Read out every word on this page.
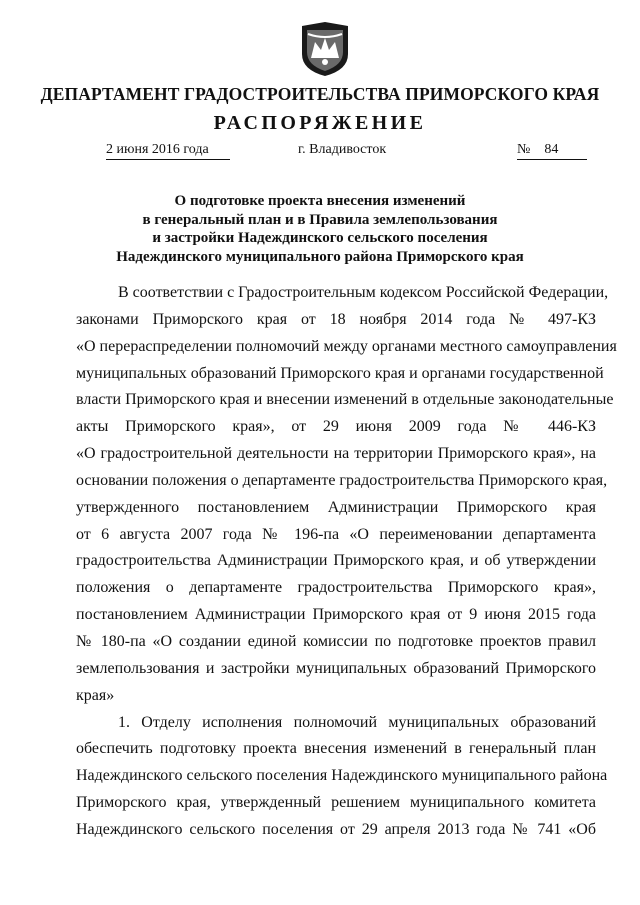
ДЕПАРТАМЕНТ ГРАДОСТРОИТЕЛЬСТВА ПРИМОРСКОГО КРАЯ
РАСПОРЯЖЕНИЕ
2 июня 2016 года	г. Владивосток	№ 84
О подготовке проекта внесения изменений
в генеральный план и в Правила землепользования
и застройки Надеждинского сельского поселения
Надеждинского муниципального района Приморского края
В соответствии с Градостроительным кодексом Российской Федерации,
законами Приморского края от 18 ноября 2014 года № 497-КЗ
«О перераспределении полномочий между органами местного самоуправления
муниципальных образований Приморского края и органами государственной
власти Приморского края и внесении изменений в отдельные законодательные
акты Приморского края», от 29 июня 2009 года № 446-КЗ
«О градостроительной деятельности на территории Приморского края», на
основании положения о департаменте градостроительства Приморского края,
утвержденного постановлением Администрации Приморского края
от 6 августа 2007 года № 196-па «О переименовании департамента
градостроительства Администрации Приморского края, и об утверждении
положения о департаменте градостроительства Приморского края»,
постановлением Администрации Приморского края от 9 июня 2015 года
№ 180-па «О создании единой комиссии по подготовке проектов правил
землепользования и застройки муниципальных образований Приморского
края»
1. Отделу исполнения полномочий муниципальных образований
обеспечить подготовку проекта внесения изменений в генеральный план
Надеждинского сельского поселения Надеждинского муниципального района
Приморского края, утвержденный решением муниципального комитета
Надеждинского сельского поселения от 29 апреля 2013 года № 741 «Об
